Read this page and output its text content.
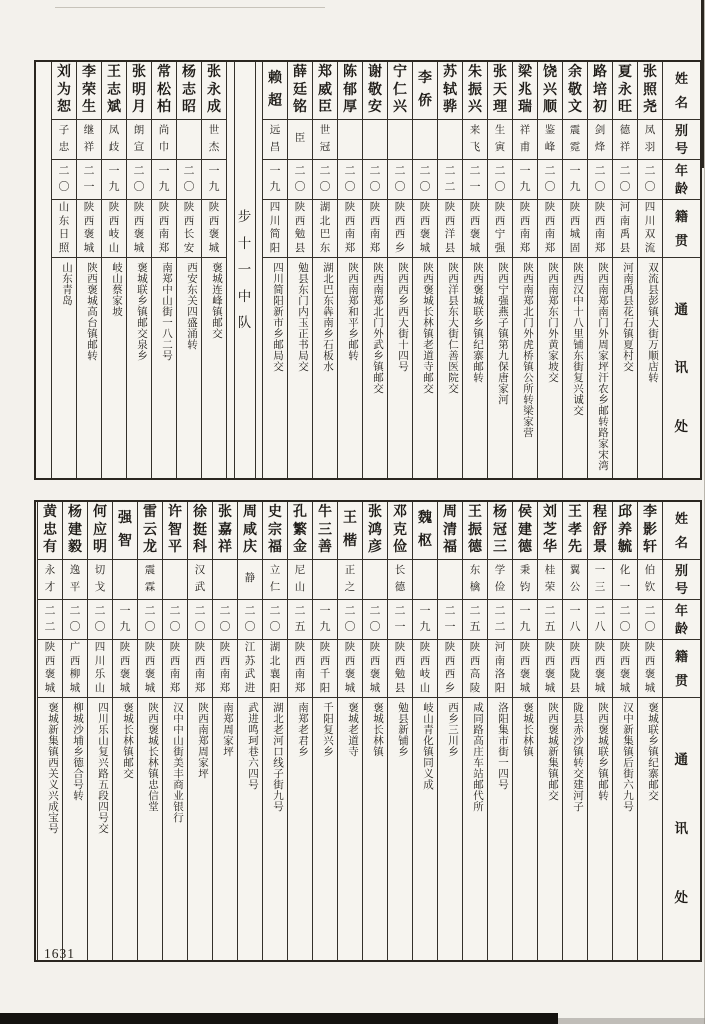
姓
名
别
号
年
龄
籍
贯
通
讯
处
张
照
尧
凤
羽
二
〇
四
川
双
流
双流县彭镇大街万顺店转
夏
永
旺
德
祥
二
〇
河
南
禹
县
河南禹县花石镇夏村交
路
培
初
剑
烽
二
〇
陕
西
南
郑
陕西南郑南门外周家坪汗农乡邮转路家宋湾
余
敬
文
震
霓
一
九
陕
西
城
固
陕西汉中十八里铺东街复兴诚交
饶
兴
顺
鉴
峰
二
〇
陕
西
南
郑
陕西南郑东门外黄家坡交
梁
兆
瑞
祥
甫
一
九
陕
西
南
郑
陕西南郑北门外虎桥镇公所转梁家营
张
天
理
生
寅
二
〇
陕
西
宁
强
陕西宁强燕子镇第九保唐家河
朱
振
兴
来
飞
二
一
陕
西
褒
城
陕西褒城联乡镇纪寨邮转
苏
轼
骅
二
二
陕
西
洋
县
陕西洋县东大街仁善医院交
李
侨
二
〇
陕
西
褒
城
陕西褒城长林镇老道寺邮交
宁
仁
兴
二
〇
陕
西
西
乡
陕西西乡西大街十四号
谢
敬
安
二
〇
陕
西
南
郑
陕西南郑北门外武乡镇邮交
陈
郁
厚
二
〇
陕
西
南
郑
陕西南郑和平乡邮转
郑
威
臣
世
冠
二
〇
湖
北
巴
东
湖北巴东犇南乡石板水
薛
廷
铭
臣
二
〇
陕
西
勉
县
勉县东门内玉正书局交
赖
超
远
昌
一
九
四
川
简
阳
四川简阳新市乡邮局交
步
十
一
中
队
张
永
成
世
杰
一
九
陕
西
褒
城
褒城连峰镇邮交
杨
志
昭
二
〇
陕
西
长
安
西安东关四盛涌转
常
松
柏
尚
巾
一
九
陕
西
南
郑
南郑中山街一八二号
张
明
月
朗
宣
二
〇
陕
西
褒
城
褒城联乡镇邮交泉乡
王
志
斌
凤
歧
一
九
陕
西
岐
山
岐山蔡家坡
李
荣
生
继
祥
二
一
陕
西
褒
城
陕西褒城高台镇邮转
刘
为
恕
子
忠
二
〇
山
东
日
照
山东青岛
姓
名
别
号
年
龄
籍
贯
通
讯
处
李
影
轩
伯
钦
二
〇
陕
西
褒
城
褒城联乡镇纪寨邮交
邱
养
毓
化
一
二
〇
陕
西
褒
城
汉中新集镇后街六九号
程
舒
景
一
三
二
八
陕
西
褒
城
陕西褒城联乡镇邮转
王
孝
先
翼
公
一
八
陕
西
陇
县
陇县赤沙镇转交建河子
刘
芝
华
桂
荣
二
五
陕
西
褒
城
陕西褒城新集镇邮交
侯
建
德
秉
钧
一
九
陕
西
褒
城
褒城长林镇
杨
冠
三
学
俭
二
二
河
南
洛
阳
洛阳集市街一四号
王
振
德
东
檎
二
五
陕
西
高
陵
咸同路高庄车站邮代所
周
清
福
二
一
陕
西
西
乡
西乡三川乡
魏
枢
一
九
陕
西
岐
山
岐山青化镇同义成
邓
克
俭
长
德
二
一
陕
西
勉
县
勉县新铺乡
张
鸿
彦
二
〇
陕
西
褒
城
褒城长林镇
王
楷
正
之
二
〇
陕
西
褒
城
褒城老道寺
牛
三
善
一
九
陕
西
千
阳
千阳复兴乡
孔
繁
金
尼
山
二
五
陕
西
南
郑
南郑老君乡
史
宗
福
立
仁
二
〇
湖
北
襄
阳
湖北老河口线子街九号
周
咸
庆
静
二
〇
江
苏
武
进
武进鸣珂巷六四号
张
嘉
祥
二
〇
陕
西
南
郑
南郑周家坪
徐
挺
科
汉
武
二
〇
陕
西
南
郑
陕西南郑周家坪
许
智
平
二
〇
陕
西
南
郑
汉中中山街美丰商业银行
雷
云
龙
震
霖
二
〇
陕
西
褒
城
陕西褒城长林镇忠信堂
强
智
一
九
陕
西
褒
城
褒城长林镇邮交
何
应
明
切
戈
二
〇
四
川
乐
山
四川乐山复兴路五段四号交
杨
建
毅
逸
平
二
〇
广
西
柳
城
柳城沙埔乡德合号转
黄
忠
有
永
才
二
二
陕
西
褒
城
褒城新集镇西关义兴成宝号
1631
